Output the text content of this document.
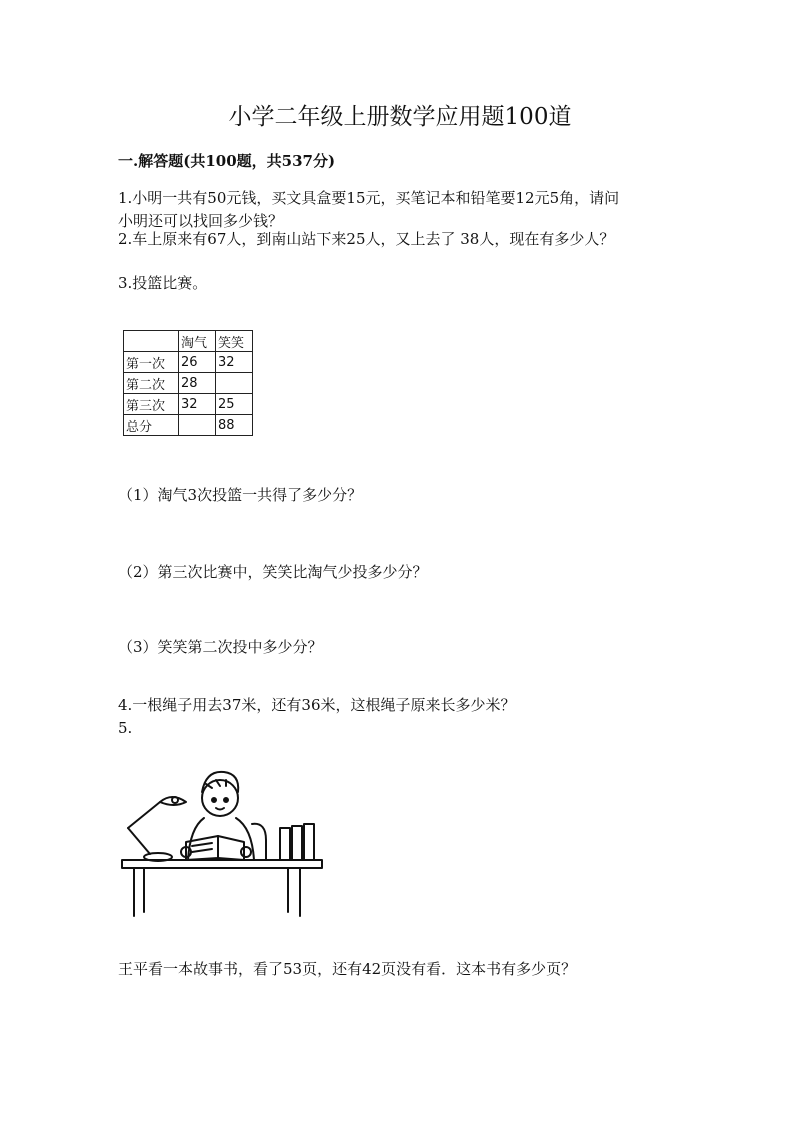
小学二年级上册数学应用题100道
一.解答题(共100题，共537分)
1.小明一共有50元钱，买文具盒要15元，买笔记本和铅笔要12元5角，请问
小明还可以找回多少钱？
2.车上原来有67人，到南山站下来25人，又上去了 38人，现在有多少人？
3.投篮比赛。
	淘气	笑笑
第一次	26	32
第二次	28	
第三次	32	25
总分		88
（1）淘气3次投篮一共得了多少分？
（2）第三次比赛中，笑笑比淘气少投多少分？
（3）笑笑第二次投中多少分？
4.一根绳子用去37米，还有36米，这根绳子原来长多少米？
5.
王平看一本故事书，看了53页，还有42页没有看．这本书有多少页？
